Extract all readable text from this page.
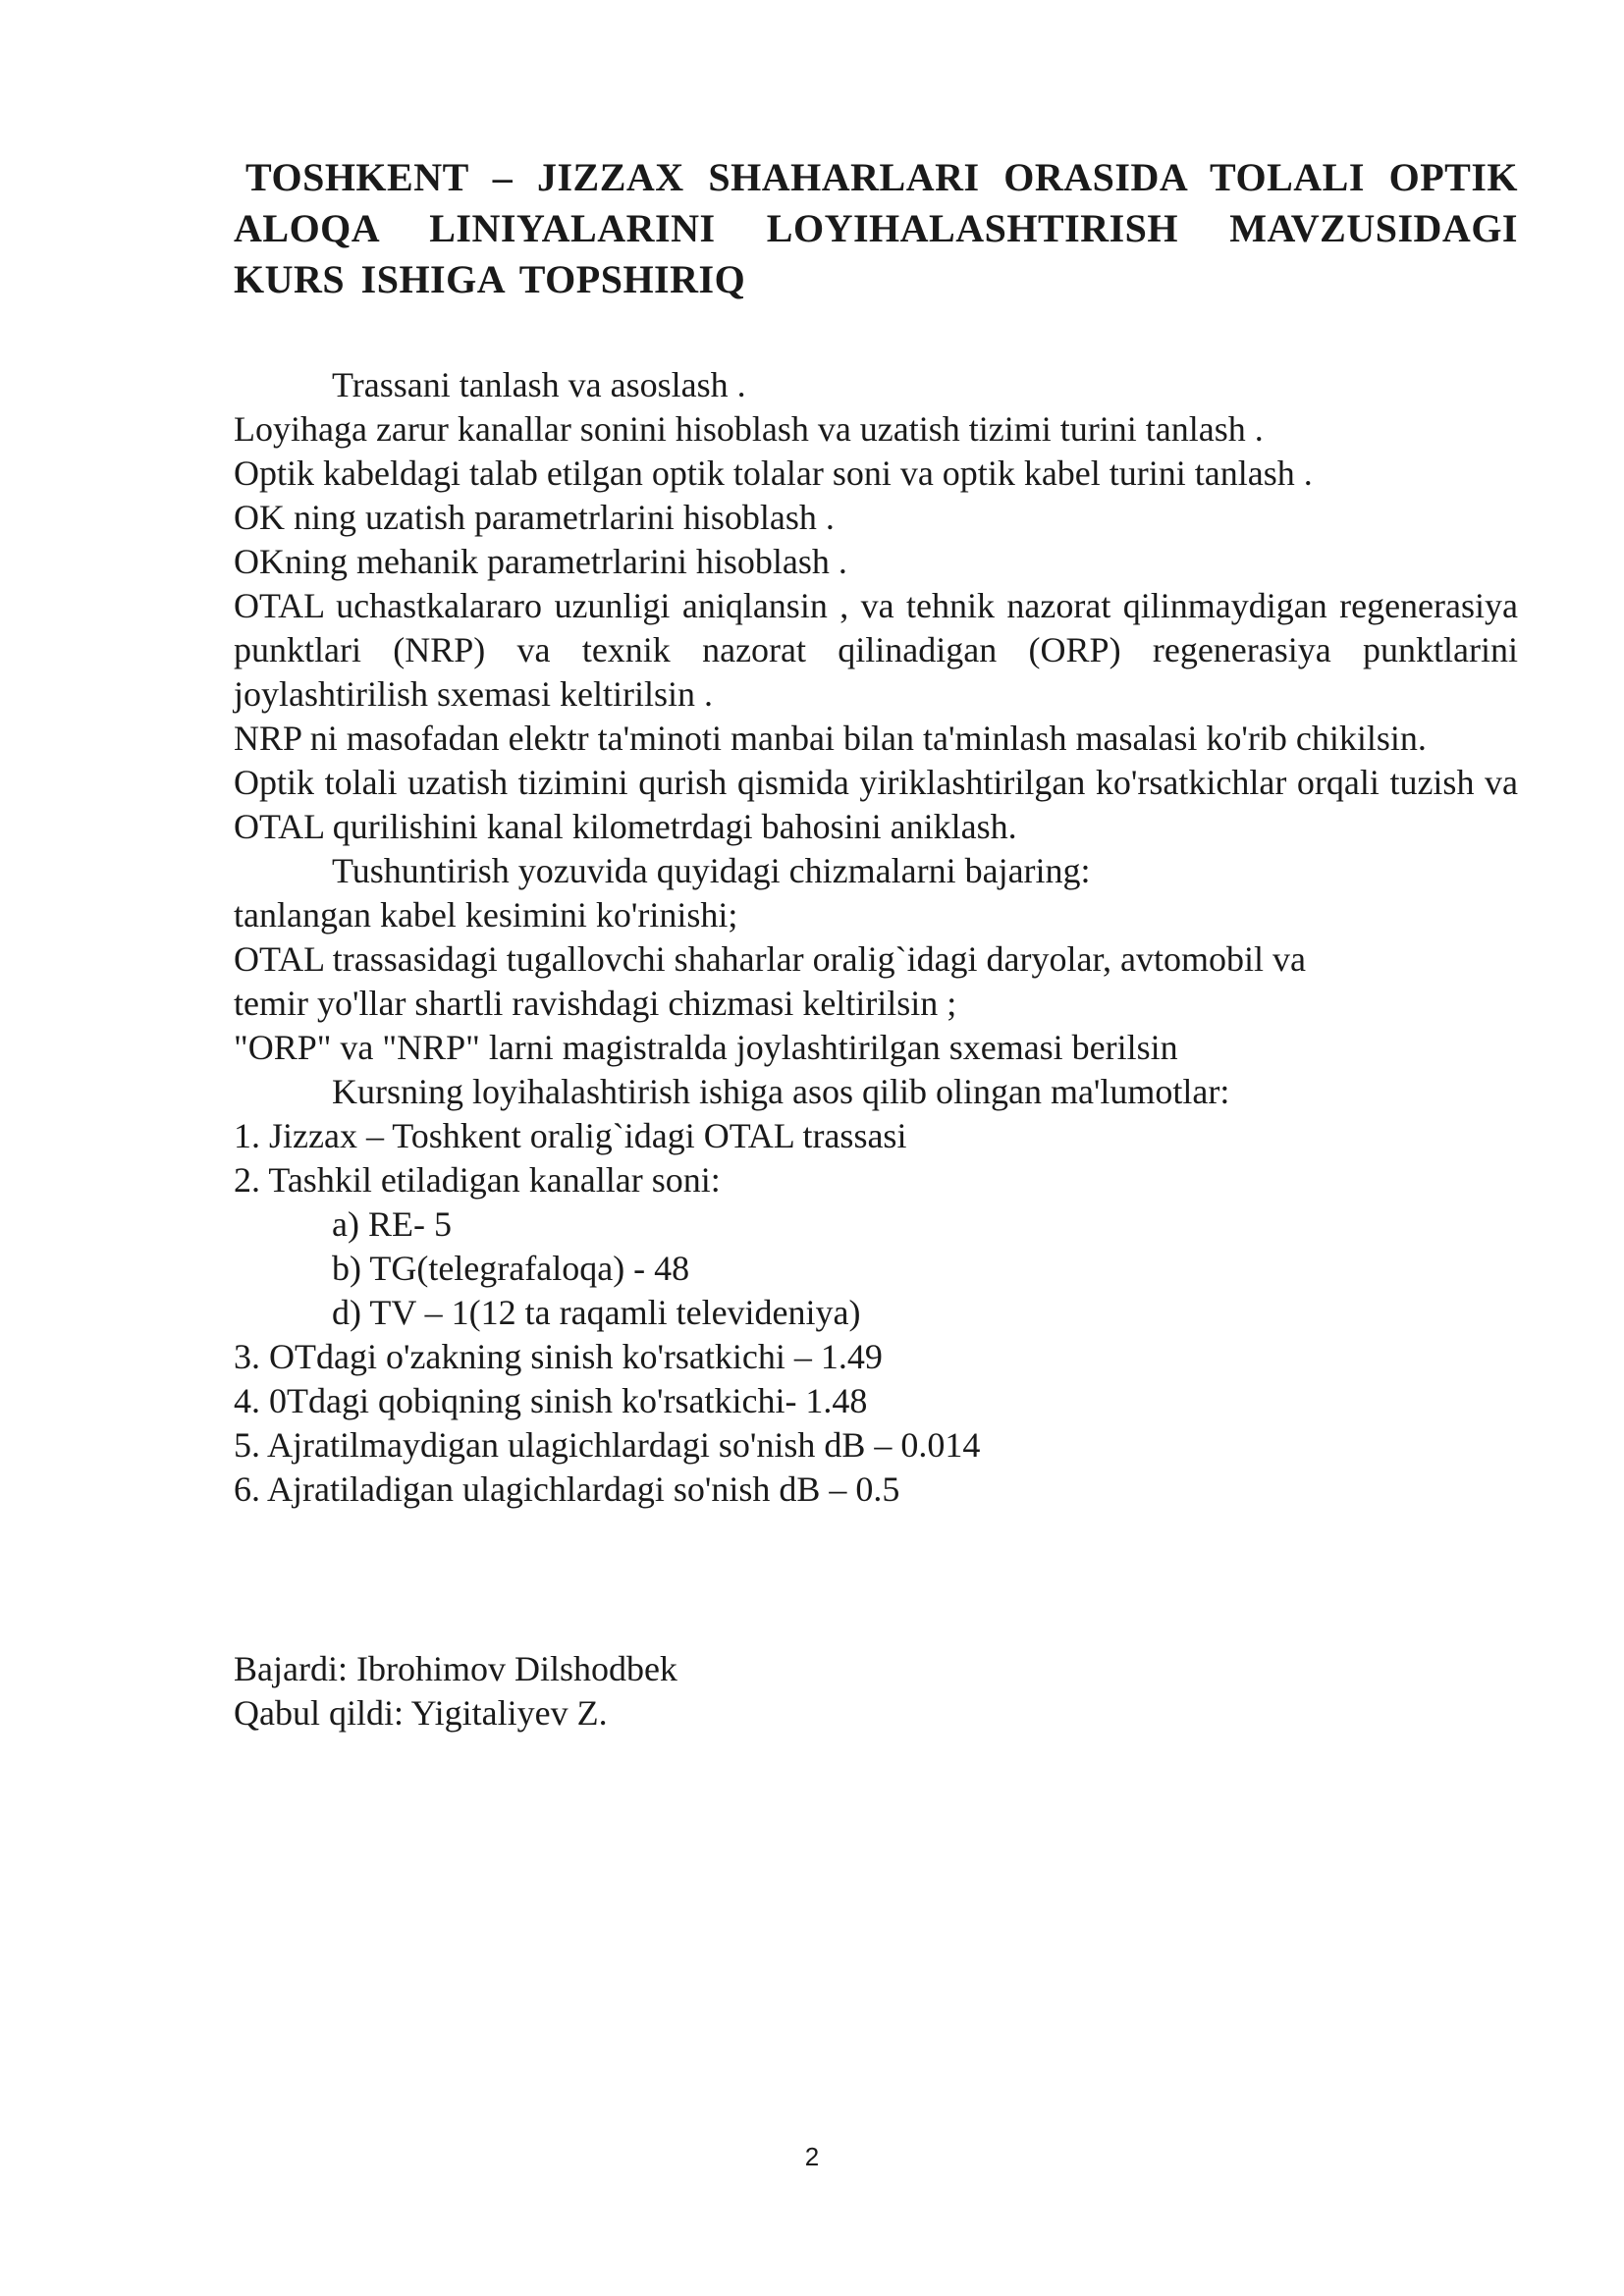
TOSHKENT – JIZZAX SHAHARLARI ORASIDA TOLALI OPTIK
ALOQA LINIYALARINI LOYIHALASHTIRISH MAVZUSIDAGI
KURS ISHIGA TOPSHIRIQ

Trassani tanlash va asoslash .

Loyihaga zarur kanallar sonini hisoblash va uzatish tizimi turini tanlash .

Optik kabeldagi talab etilgan optik tolalar soni va optik kabel turini tanlash .

OK ning uzatish parametrlarini hisoblash .

OKning mehanik parametrlarini hisoblash .

OTAL uchastkalararo uzunligi aniqlansin , va tehnik nazorat qilinmaydigan regenerasiya punktlari (NRP) va texnik nazorat qilinadigan (ORP) regenerasiya punktlarini joylashtirilish sxemasi keltirilsin .

NRP ni masofadan elektr ta'minoti manbai bilan ta'minlash masalasi ko'rib chikilsin.

Optik tolali uzatish tizimini qurish qismida yiriklashtirilgan ko'rsatkichlar orqali tuzish va OTAL qurilishini kanal kilometrdagi bahosini aniklash.

Tushuntirish yozuvida quyidagi chizmalarni bajaring:

tanlangan kabel kesimini ko'rinishi;

OTAL trassasidagi tugallovchi shaharlar oralig`idagi daryolar, avtomobil va

temir yo'llar shartli ravishdagi chizmasi keltirilsin ;

"ORP" va "NRP" larni magistralda joylashtirilgan sxemasi berilsin

Kursning loyihalashtirish ishiga asos qilib olingan ma'lumotlar:

1. Jizzax – Toshkent oralig`idagi OTAL trassasi

2. Tashkil etiladigan kanallar soni:

a) RE- 5

b) TG(telegrafaloqa) - 48

d) TV – 1(12 ta raqamli televideniya)

3. OTdagi o'zakning sinish ko'rsatkichi – 1.49

4. 0Tdagi qobiqning sinish ko'rsatkichi- 1.48

5. Ajratilmaydigan ulagichlardagi so'nish dB – 0.014

6. Ajratiladigan ulagichlardagi so'nish dB – 0.5

Bajardi: Ibrohimov Dilshodbek

Qabul qildi: Yigitaliyev Z.

2
